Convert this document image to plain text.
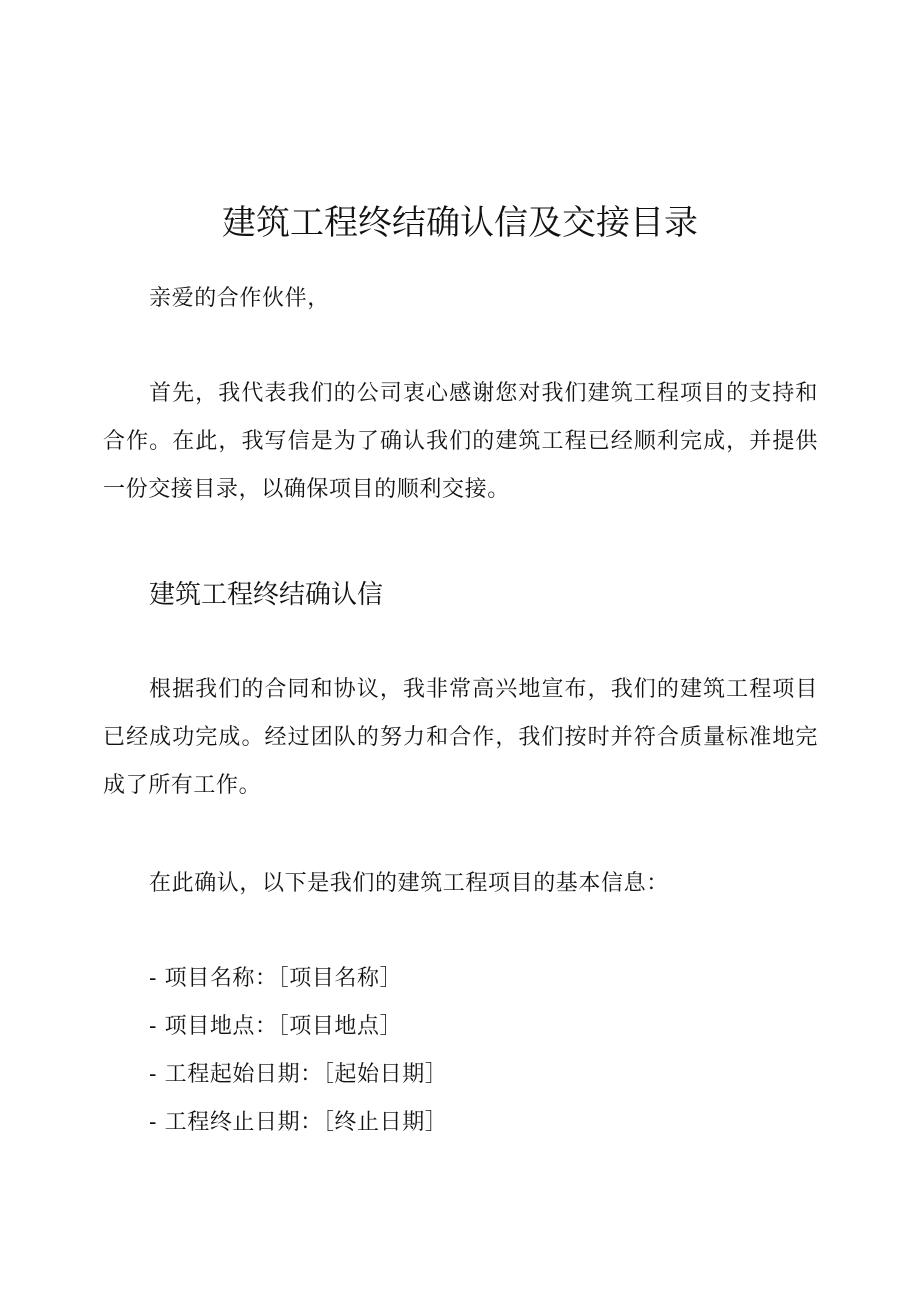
建筑工程终结确认信及交接目录

亲爱的合作伙伴，

首先，我代表我们的公司衷心感谢您对我们建筑工程项目的支持和合作。在此，我写信是为了确认我们的建筑工程已经顺利完成，并提供一份交接目录，以确保项目的顺利交接。

建筑工程终结确认信

根据我们的合同和协议，我非常高兴地宣布，我们的建筑工程项目已经成功完成。经过团队的努力和合作，我们按时并符合质量标准地完成了所有工作。

在此确认，以下是我们的建筑工程项目的基本信息：

- 项目名称：［项目名称］
- 项目地点：［项目地点］
- 工程起始日期：［起始日期］
- 工程终止日期：［终止日期］
